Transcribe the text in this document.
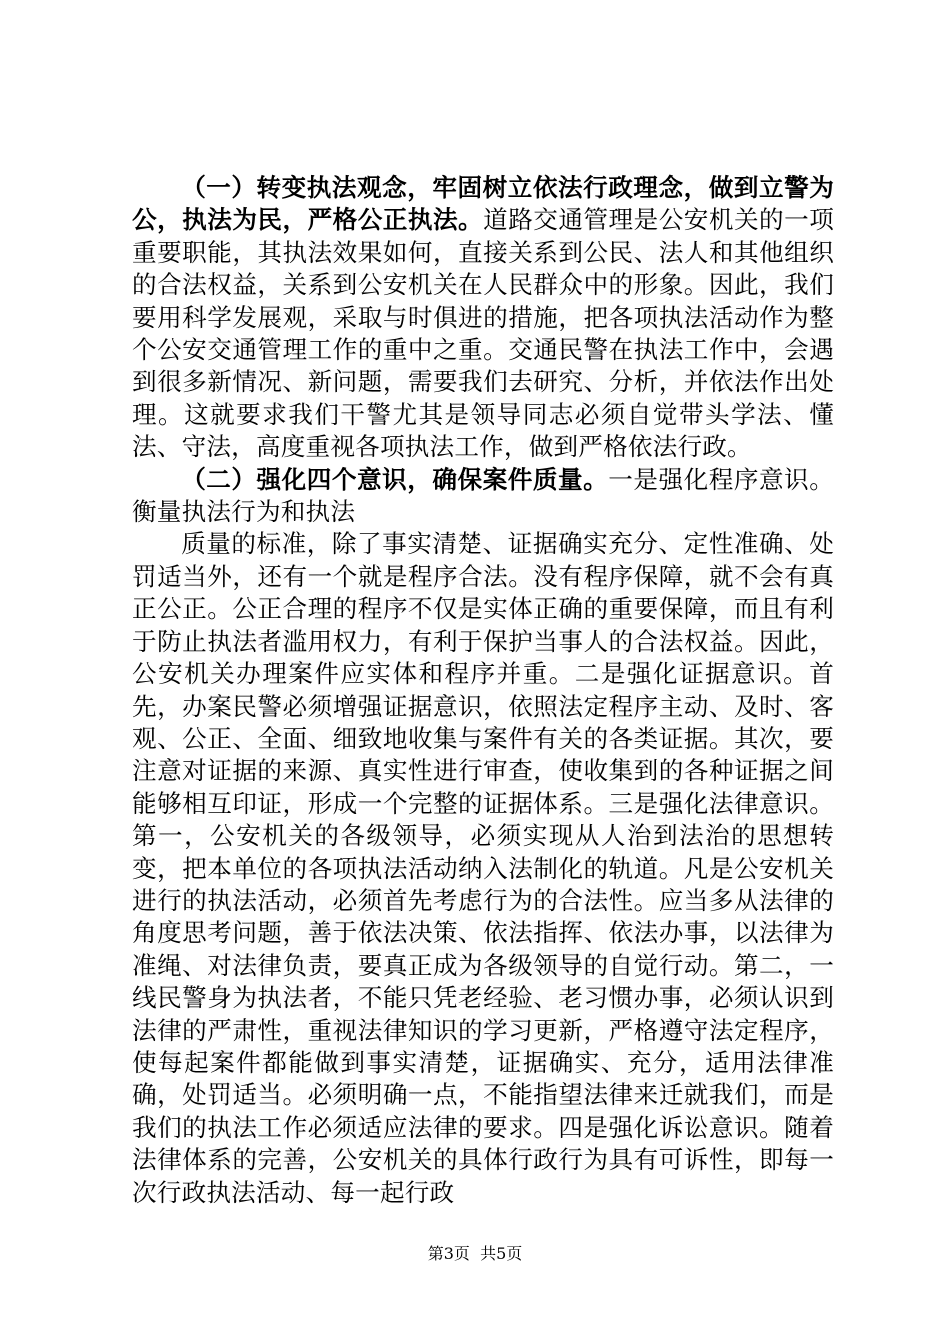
（一）转变执法观念，牢固树立依法行政理念，做到立警为公，执法为民，严格公正执法。道路交通管理是公安机关的一项重要职能，其执法效果如何，直接关系到公民、法人和其他组织的合法权益，关系到公安机关在人民群众中的形象。因此，我们要用科学发展观，采取与时俱进的措施，把各项执法活动作为整个公安交通管理工作的重中之重。交通民警在执法工作中，会遇到很多新情况、新问题，需要我们去研究、分析，并依法作出处理。这就要求我们干警尤其是领导同志必须自觉带头学法、懂法、守法，高度重视各项执法工作，做到严格依法行政。

（二）强化四个意识，确保案件质量。一是强化程序意识。衡量执法行为和执法

质量的标准，除了事实清楚、证据确实充分、定性准确、处罚适当外，还有一个就是程序合法。没有程序保障，就不会有真正公正。公正合理的程序不仅是实体正确的重要保障，而且有利于防止执法者滥用权力，有利于保护当事人的合法权益。因此，公安机关办理案件应实体和程序并重。二是强化证据意识。首先，办案民警必须增强证据意识，依照法定程序主动、及时、客观、公正、全面、细致地收集与案件有关的各类证据。其次，要注意对证据的来源、真实性进行审查，使收集到的各种证据之间能够相互印证，形成一个完整的证据体系。三是强化法律意识。第一，公安机关的各级领导，必须实现从人治到法治的思想转变，把本单位的各项执法活动纳入法制化的轨道。凡是公安机关进行的执法活动，必须首先考虑行为的合法性。应当多从法律的角度思考问题，善于依法决策、依法指挥、依法办事，以法律为准绳、对法律负责，要真正成为各级领导的自觉行动。第二，一线民警身为执法者，不能只凭老经验、老习惯办事，必须认识到法律的严肃性，重视法律知识的学习更新，严格遵守法定程序，使每起案件都能做到事实清楚，证据确实、充分，适用法律准确，处罚适当。必须明确一点，不能指望法律来迁就我们，而是我们的执法工作必须适应法律的要求。四是强化诉讼意识。随着法律体系的完善，公安机关的具体行政行为具有可诉性，即每一次行政执法活动、每一起行政

第3页  共5页
